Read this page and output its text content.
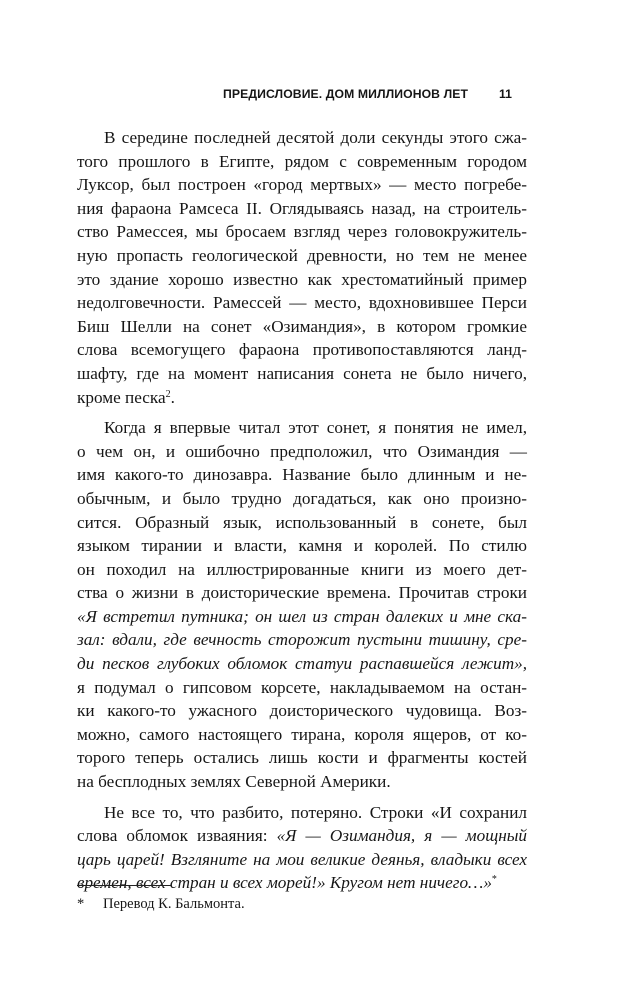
ПРЕДИСЛОВИЕ. ДОМ МИЛЛИОНОВ ЛЕТ	11
В середине последней десятой доли секунды этого сжа-
того прошлого в Египте, рядом с современным городом
Луксор, был построен «город мертвых» — место погребе-
ния фараона Рамсеса II. Оглядываясь назад, на строитель-
ство Рамессея, мы бросаем взгляд через головокружитель-
ную пропасть геологической древности, но тем не менее
это здание хорошо известно как хрестоматийный пример
недолговечности. Рамессей — место, вдохновившее Перси
Биш Шелли на сонет «Озимандия», в котором громкие
слова всемогущего фараона противопоставляются ланд-
шафту, где на момент написания сонета не было ничего,
кроме песка$^2$.
Когда я впервые читал этот сонет, я понятия не имел,
о чем он, и ошибочно предположил, что Озимандия —
имя какого-то динозавра. Название было длинным и не-
обычным, и было трудно догадаться, как оно произно-
сится. Образный язык, использованный в сонете, был
языком тирании и власти, камня и королей. По стилю
он походил на иллюстрированные книги из моего дет-
ства о жизни в доисторические времена. Прочитав строки
«Я встретил путника; он шел из стран далеких и мне ска-
зал: вдали, где вечность сторожит пустыни тишину, сре-
ди песков глубоких обломок статуи распавшейся лежит»,
я подумал о гипсовом корсете, накладываемом на остан-
ки какого-то ужасного доисторического чудовища. Воз-
можно, самого настоящего тирана, короля ящеров, от ко-
торого теперь остались лишь кости и фрагменты костей
на бесплодных землях Северной Америки.
Не все то, что разбито, потеряно. Строки «И сохранил
слова обломок изваяния: «Я — Озимандия, я — мощный
царь царей! Взгляните на мои великие деянья, владыки всех
времен, всех стран и всех морей!» Кругом нет ничего…»*
* Перевод К. Бальмонта.
